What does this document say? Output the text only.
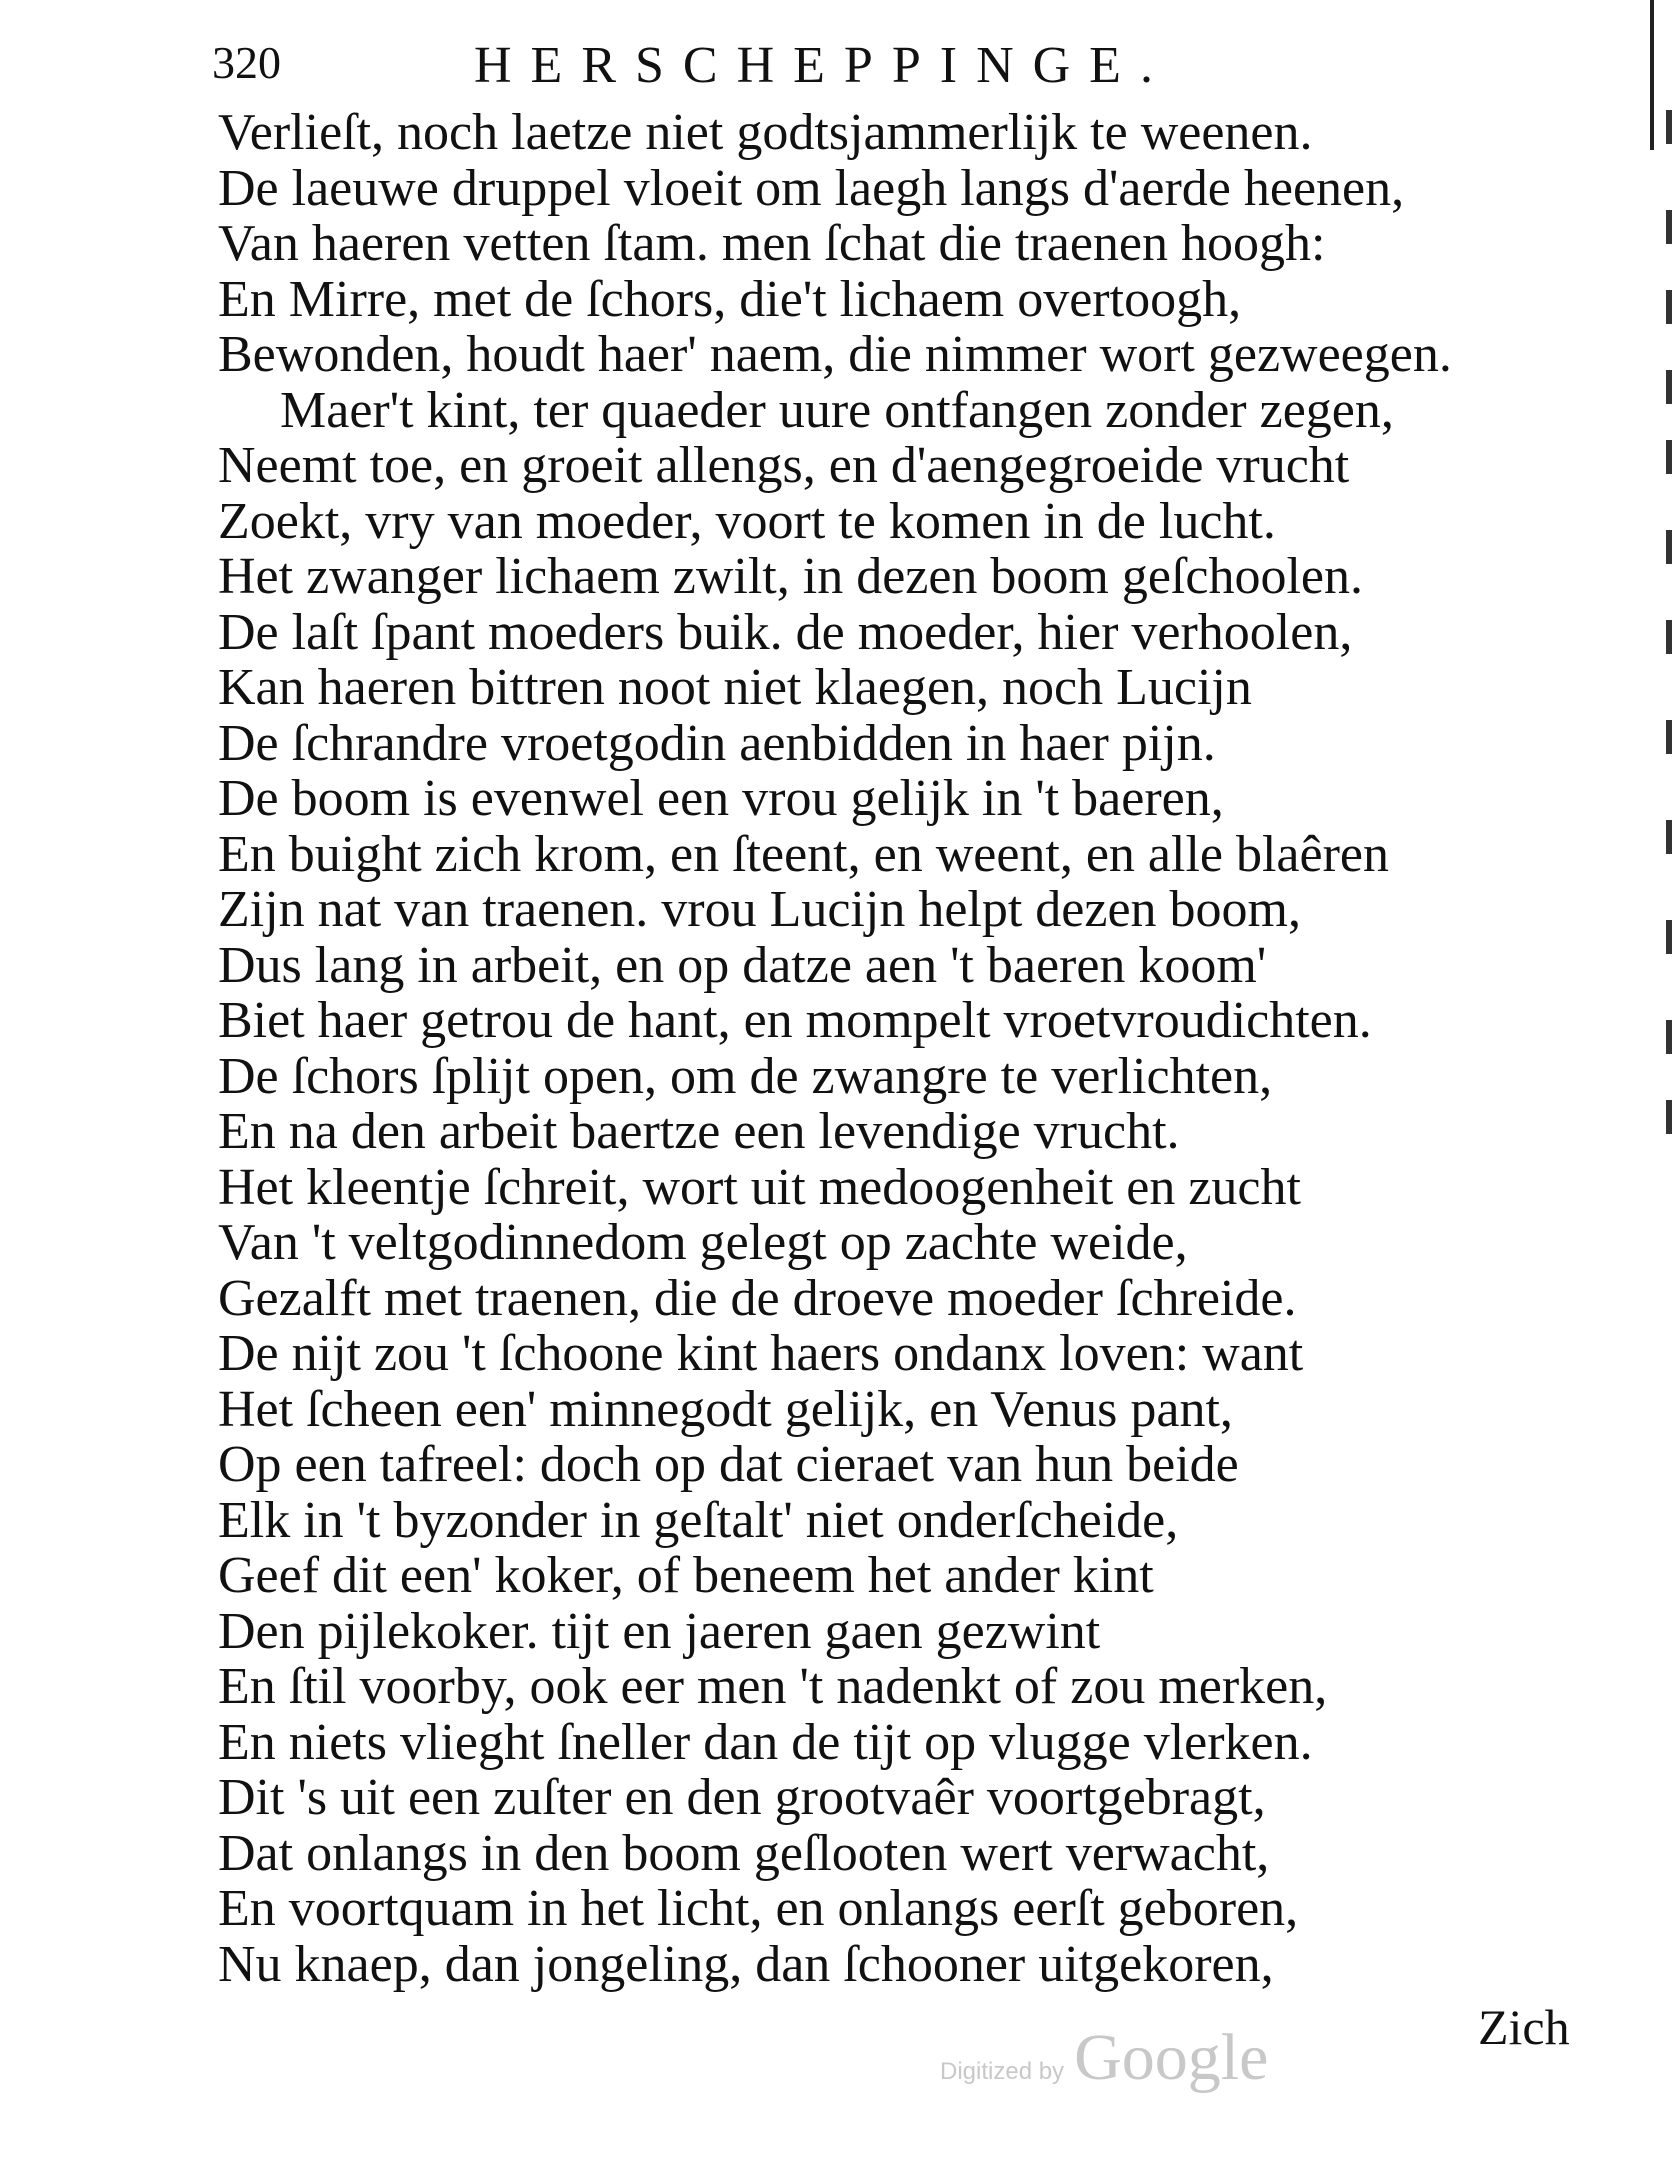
320	HERSCHEPPINGE.
Verlieſt, noch laetze niet godtsjammerlijk te weenen.
De laeuwe druppel vloeit om laegh langs d'aerde heenen,
Van haeren vetten ſtam. men ſchat die traenen hoogh:
En Mirre, met de ſchors, die't lichaem overtoogh,
Bewonden, houdt haer' naem, die nimmer wort gezweegen.
Maer't kint, ter quaeder uure ontfangen zonder zegen,
Neemt toe, en groeit allengs, en d'aengegroeide vrucht
Zoekt, vry van moeder, voort te komen in de lucht.
Het zwanger lichaem zwilt, in dezen boom geſchoolen.
De laſt ſpant moeders buik. de moeder, hier verhoolen,
Kan haeren bittren noot niet klaegen, noch Lucijn
De ſchrandre vroetgodin aenbidden in haer pijn.
De boom is evenwel een vrou gelijk in 't baeren,
En buight zich krom, en ſteent, en weent, en alle blaêren
Zijn nat van traenen. vrou Lucijn helpt dezen boom,
Dus lang in arbeit, en op datze aen 't baeren koom'
Biet haer getrou de hant, en mompelt vroetvroudichten.
De ſchors ſplijt open, om de zwangre te verlichten,
En na den arbeit baertze een levendige vrucht.
Het kleentje ſchreit, wort uit medoogenheit en zucht
Van 't veltgodinnedom gelegt op zachte weide,
Gezalft met traenen, die de droeve moeder ſchreide.
De nijt zou 't ſchoone kint haers ondanx loven: want
Het ſcheen een' minnegodt gelijk, en Venus pant,
Op een tafreel: doch op dat cieraet van hun beide
Elk in 't byzonder in geſtalt' niet onderſcheide,
Geef dit een' koker, of beneem het ander kint
Den pijlekoker. tijt en jaeren gaen gezwint
En ſtil voorby, ook eer men 't nadenkt of zou merken,
En niets vlieght ſneller dan de tijt op vlugge vlerken.
Dit 's uit een zuſter en den grootvaêr voortgebragt,
Dat onlangs in den boom geſlooten wert verwacht,
En voortquam in het licht, en onlangs eerſt geboren,
Nu knaep, dan jongeling, dan ſchooner uitgekoren,
Zich
Digitized by Google
